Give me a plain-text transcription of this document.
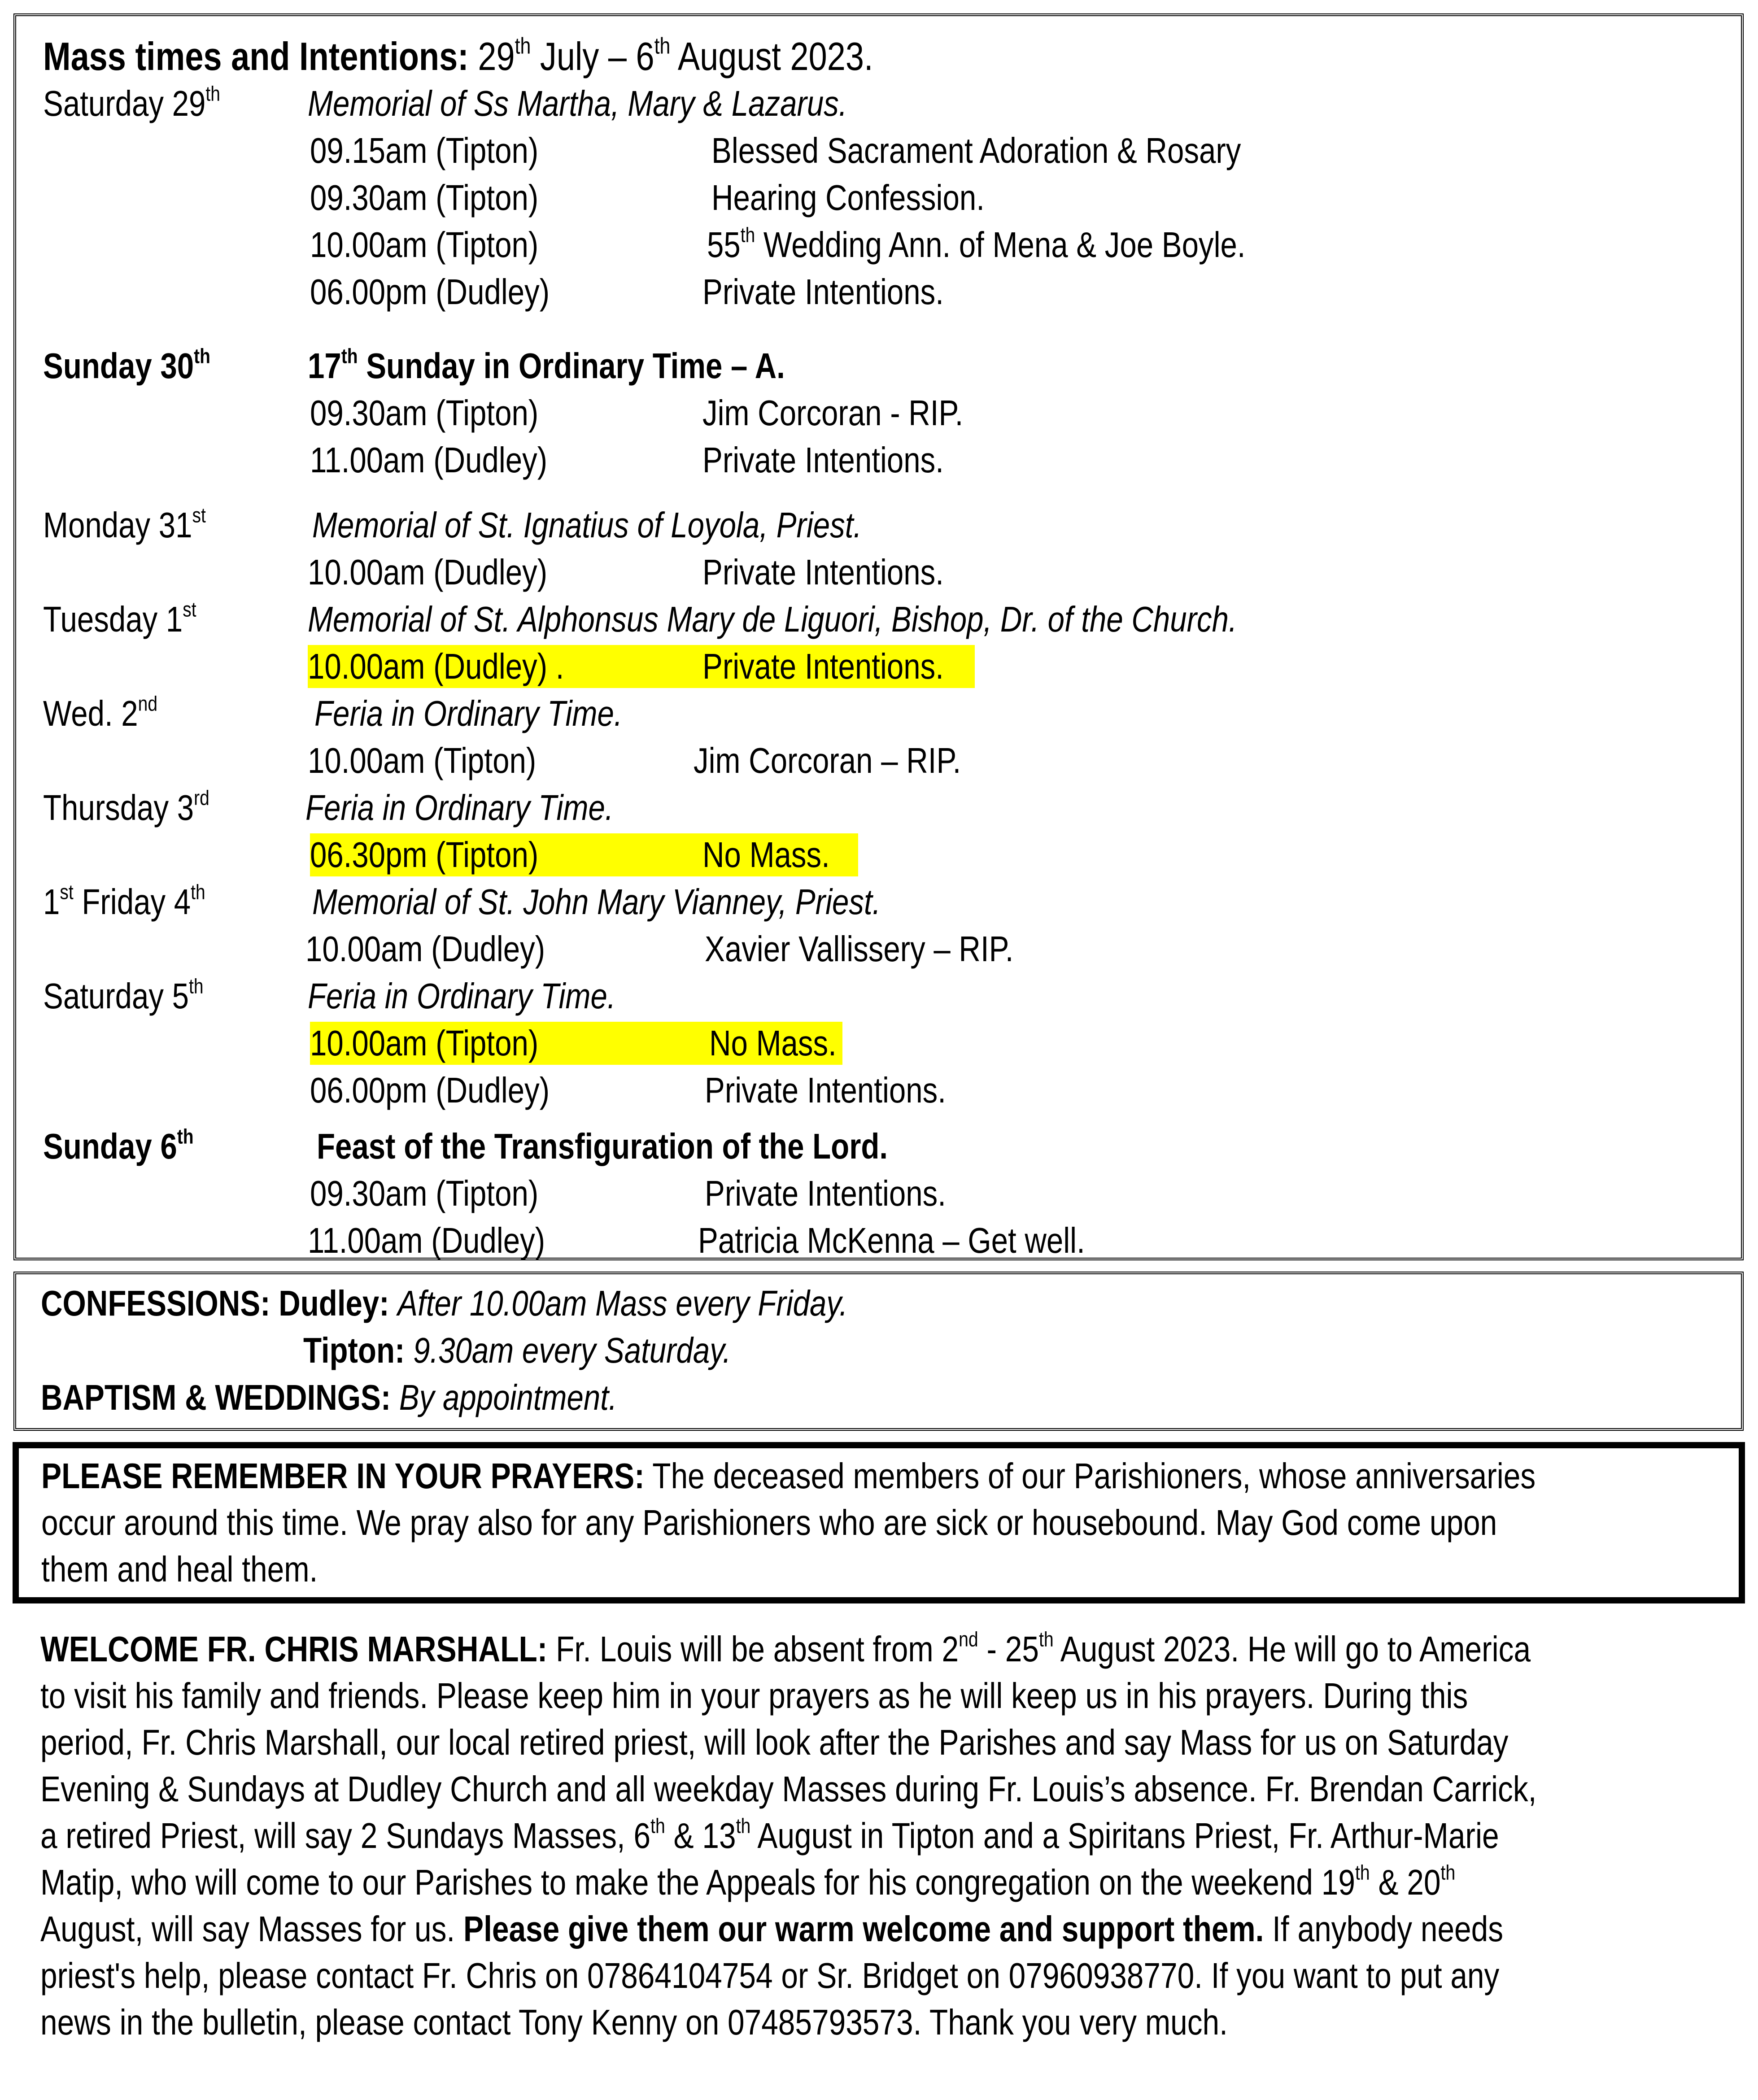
Mass times and Intentions: 29th July – 6th August 2023.
Saturday 29th Memorial of Ss Martha, Mary & Lazarus.
09.15am (Tipton)	Blessed Sacrament Adoration & Rosary
09.30am (Tipton)	Hearing Confession.
10.00am (Tipton)	55th Wedding Ann. of Mena & Joe Boyle.
06.00pm (Dudley)	Private Intentions.
Sunday 30th	17th Sunday in Ordinary Time – A.
09.30am (Tipton)	Jim Corcoran - RIP.
11.00am (Dudley)	Private Intentions.
Monday 31st	Memorial of St. Ignatius of Loyola, Priest.
10.00am (Dudley)	Private Intentions.
Tuesday 1st	Memorial of St. Alphonsus Mary de Liguori, Bishop, Dr. of the Church.
10.00am (Dudley) .	Private Intentions.
Wed. 2nd	Feria in Ordinary Time.
10.00am (Tipton)	Jim Corcoran – RIP.
Thursday 3rd	Feria in Ordinary Time.
06.30pm (Tipton)	No Mass.
1st Friday 4th	Memorial of St. John Mary Vianney, Priest.
10.00am (Dudley)	Xavier Vallissery – RIP.
Saturday 5th	Feria in Ordinary Time.
10.00am (Tipton)	No Mass.
06.00pm (Dudley)	Private Intentions.
Sunday 6th	Feast of the Transfiguration of the Lord.
09.30am (Tipton)	Private Intentions.
11.00am (Dudley)	Patricia McKenna – Get well.
CONFESSIONS: Dudley: After 10.00am Mass every Friday.
Tipton: 9.30am every Saturday.
BAPTISM & WEDDINGS: By appointment.
PLEASE REMEMBER IN YOUR PRAYERS: The deceased members of our Parishioners, whose anniversaries
occur around this time. We pray also for any Parishioners who are sick or housebound. May God come upon
them and heal them.
WELCOME FR. CHRIS MARSHALL: Fr. Louis will be absent from 2nd - 25th August 2023. He will go to America
to visit his family and friends. Please keep him in your prayers as he will keep us in his prayers. During this
period, Fr. Chris Marshall, our local retired priest, will look after the Parishes and say Mass for us on Saturday
Evening & Sundays at Dudley Church and all weekday Masses during Fr. Louis’s absence. Fr. Brendan Carrick,
a retired Priest, will say 2 Sundays Masses, 6th & 13th August in Tipton and a Spiritans Priest, Fr. Arthur-Marie
Matip, who will come to our Parishes to make the Appeals for his congregation on the weekend 19th & 20th
August, will say Masses for us. Please give them our warm welcome and support them. If anybody needs
priest's help, please contact Fr. Chris on 07864104754 or Sr. Bridget on 07960938770. If you want to put any
news in the bulletin, please contact Tony Kenny on 07485793573. Thank you very much.
